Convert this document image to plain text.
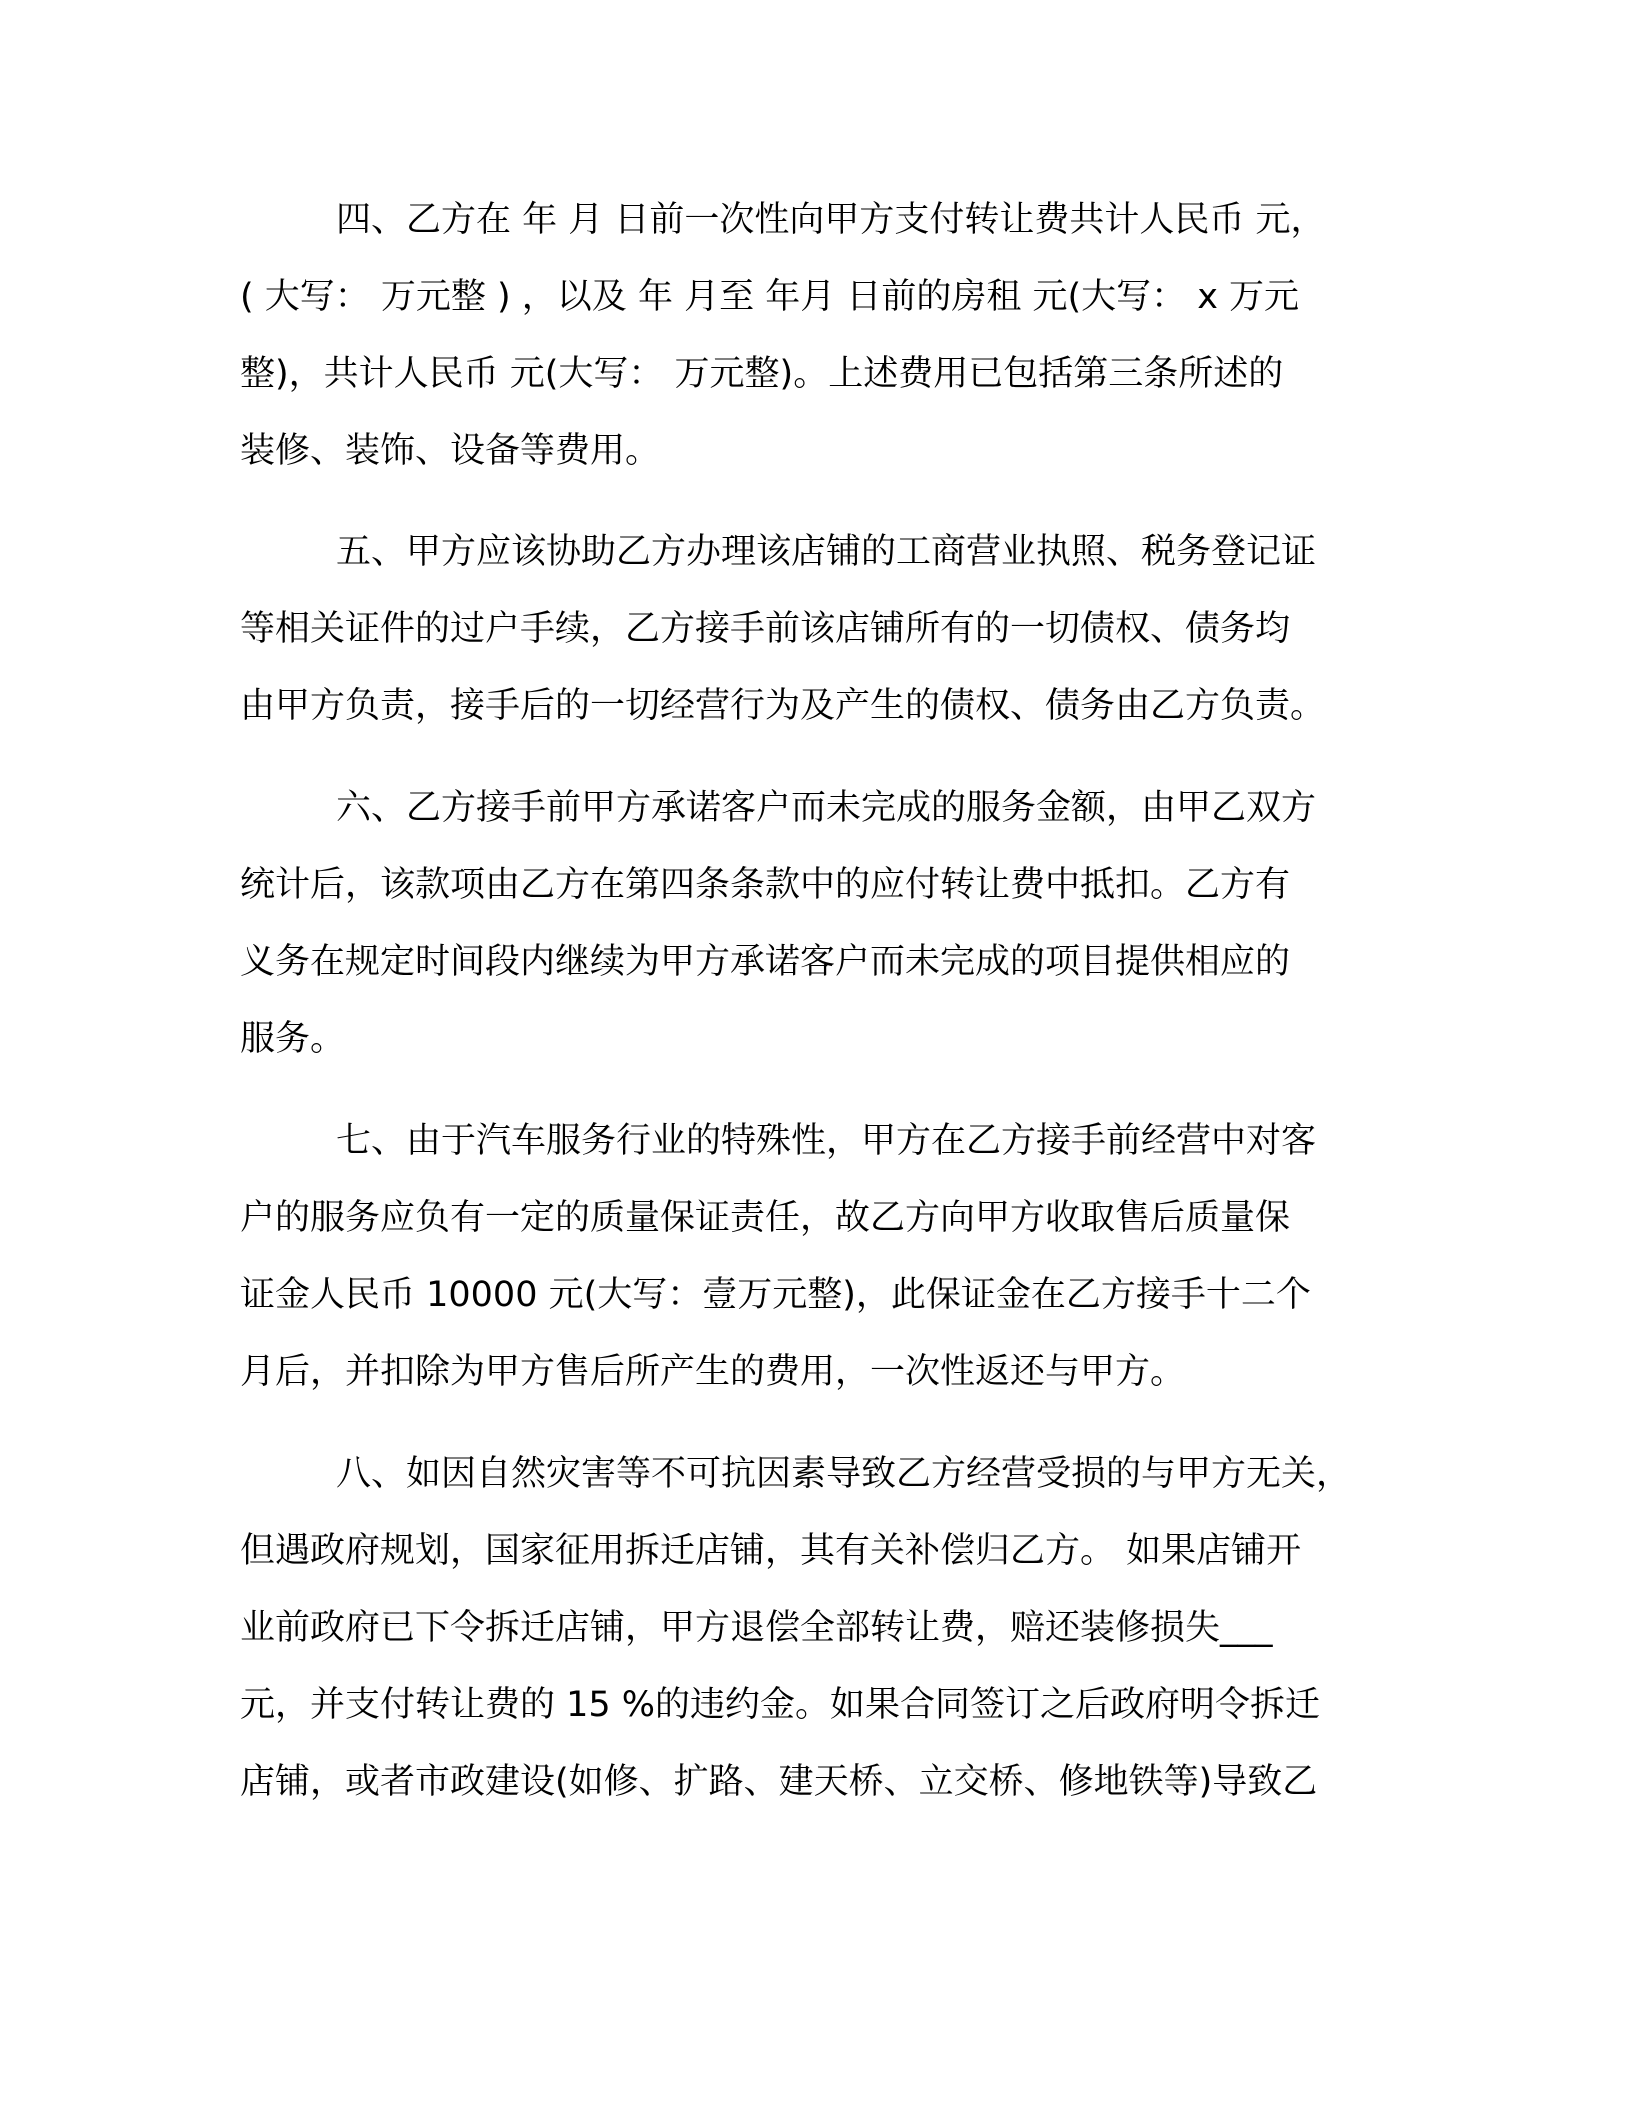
四、乙方在 年 月 日前一次性向甲方支付转让费共计人民币 元，
( 大写： 万元整 ) ，以及 年 月至 年月 日前的房租 元(大写： x 万元
整)，共计人民币 元(大写： 万元整)。上述费用已包括第三条所述的
装修、装饰、设备等费用。

五、甲方应该协助乙方办理该店铺的工商营业执照、税务登记证
等相关证件的过户手续，乙方接手前该店铺所有的一切债权、债务均
由甲方负责，接手后的一切经营行为及产生的债权、债务由乙方负责。

六、乙方接手前甲方承诺客户而未完成的服务金额，由甲乙双方
统计后，该款项由乙方在第四条条款中的应付转让费中抵扣。乙方有
义务在规定时间段内继续为甲方承诺客户而未完成的项目提供相应的
服务。

七、由于汽车服务行业的特殊性，甲方在乙方接手前经营中对客
户的服务应负有一定的质量保证责任，故乙方向甲方收取售后质量保
证金人民币 10000 元(大写：壹万元整)，此保证金在乙方接手十二个
月后，并扣除为甲方售后所产生的费用，一次性返还与甲方。

八、如因自然灾害等不可抗因素导致乙方经营受损的与甲方无关，
但遇政府规划，国家征用拆迁店铺，其有关补偿归乙方。 如果店铺开
业前政府已下令拆迁店铺，甲方退偿全部转让费，赔还装修损失___
元，并支付转让费的 15 %的违约金。如果合同签订之后政府明令拆迁
店铺，或者市政建设(如修、扩路、建天桥、立交桥、修地铁等)导致乙
